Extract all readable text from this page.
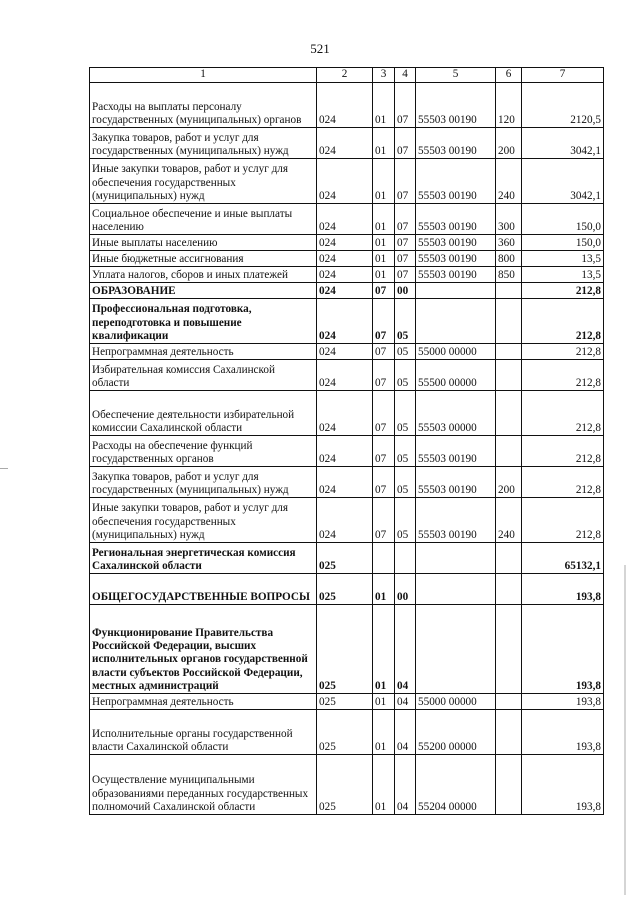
521
1	2	3	4	5	6	7
Расходы на выплаты персоналу государственных (муниципальных) органов	024	01	07	55503 00190	120	2120,5
Закупка товаров, работ и услуг для государственных (муниципальных) нужд	024	01	07	55503 00190	200	3042,1
Иные закупки товаров, работ и услуг для обеспечения государственных (муниципальных) нужд	024	01	07	55503 00190	240	3042,1
Социальное обеспечение и иные выплаты населению	024	01	07	55503 00190	300	150,0
Иные выплаты населению	024	01	07	55503 00190	360	150,0
Иные бюджетные ассигнования	024	01	07	55503 00190	800	13,5
Уплата налогов, сборов и иных платежей	024	01	07	55503 00190	850	13,5
ОБРАЗОВАНИЕ	024	07	00			212,8
Профессиональная подготовка, переподготовка и повышение квалификации	024	07	05			212,8
Непрограммная деятельность	024	07	05	55000 00000		212,8
Избирательная комиссия Сахалинской области	024	07	05	55500 00000		212,8
Обеспечение деятельности избирательной комиссии Сахалинской области	024	07	05	55503 00000		212,8
Расходы на обеспечение функций государственных органов	024	07	05	55503 00190		212,8
Закупка товаров, работ и услуг для государственных (муниципальных) нужд	024	07	05	55503 00190	200	212,8
Иные закупки товаров, работ и услуг для обеспечения государственных (муниципальных) нужд	024	07	05	55503 00190	240	212,8
Региональная энергетическая комиссия Сахалинской области	025					65132,1
ОБЩЕГОСУДАРСТВЕННЫЕ ВОПРОСЫ	025	01	00			193,8
Функционирование Правительства Российской Федерации, высших исполнительных органов государственной власти субъектов Российской Федерации, местных администраций	025	01	04			193,8
Непрограммная деятельность	025	01	04	55000 00000		193,8
Исполнительные органы государственной власти Сахалинской области	025	01	04	55200 00000		193,8
Осуществление муниципальными образованиями переданных государственных полномочий Сахалинской области	025	01	04	55204 00000		193,8
